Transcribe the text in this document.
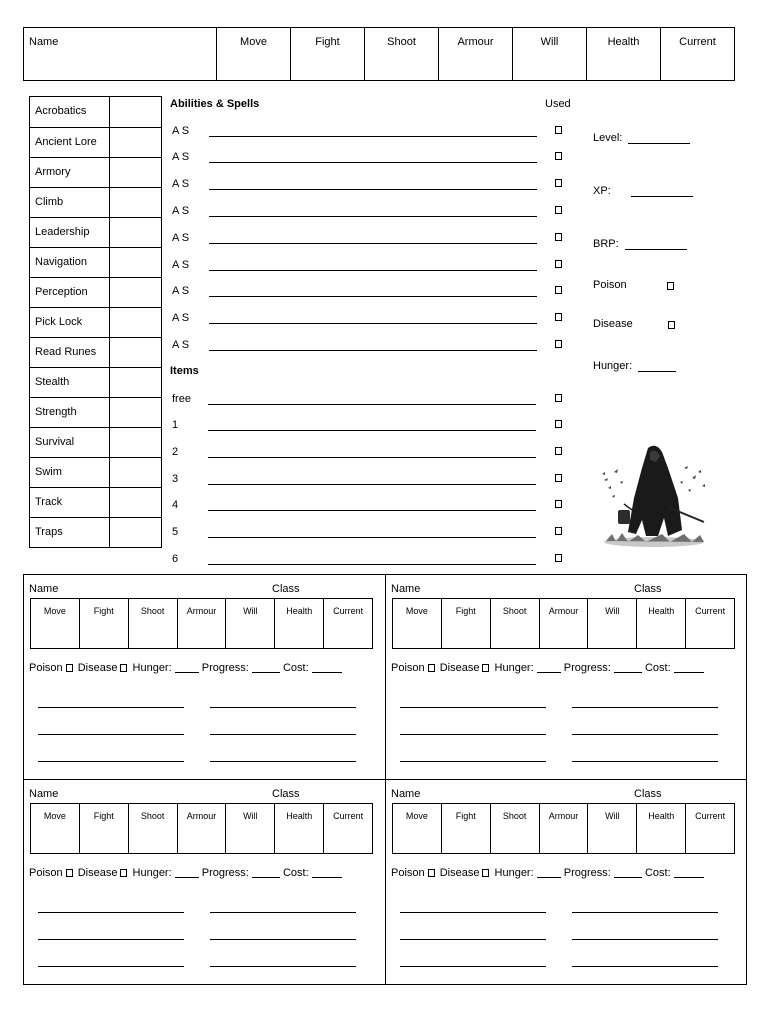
Name	Move	Fight	Shoot	Armour	Will	Health	Current
Acrobatics
Ancient Lore
Armory
Climb
Leadership
Navigation
Perception
Pick Lock
Read Runes
Stealth
Strength
Survival
Swim
Track
Traps
Abilities & Spells	Used
A S
A S
A S
A S
A S
A S
A S
A S
A S
Items
free
1
2
3
4
5
6
Level:
XP:
BRP:
Poison
Disease
Hunger:
Name	Class
Move	Fight	Shoot	Armour	Will	Health	Current
Poison Disease Hunger:	Progress:	Cost:
Name	Class
Move	Fight	Shoot	Armour	Will	Health	Current
Poison Disease Hunger:	Progress:	Cost:
Name	Class
Move	Fight	Shoot	Armour	Will	Health	Current
Poison Disease Hunger:	Progress:	Cost:
Name	Class
Move	Fight	Shoot	Armour	Will	Health	Current
Poison Disease Hunger:	Progress:	Cost:
